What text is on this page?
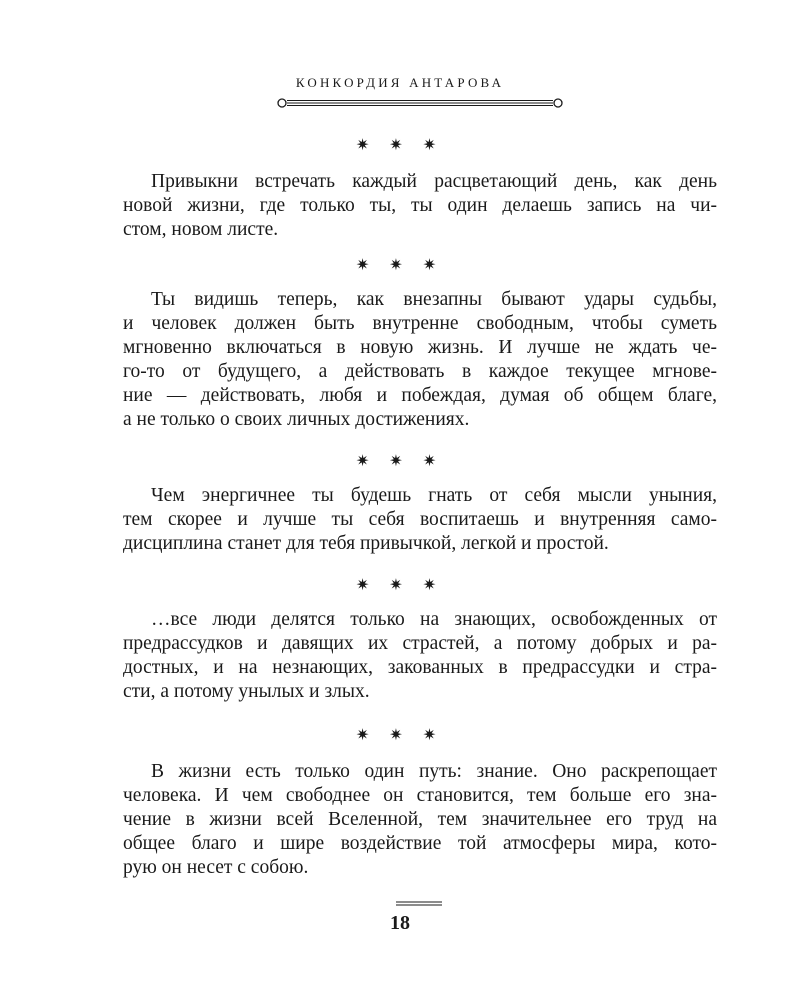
КОНКОРДИЯ АНТАРОВА
✷ ✷ ✷

Привыкни встречать каждый расцветающий день, как день
новой жизни, где только ты, ты один делаешь запись на чи-
стом, новом листе.

✷ ✷ ✷

Ты видишь теперь, как внезапны бывают удары судьбы,
и человек должен быть внутренне свободным, чтобы суметь
мгновенно включаться в новую жизнь. И лучше не ждать че-
го-то от будущего, а действовать в каждое текущее мгнове-
ние — действовать, любя и побеждая, думая об общем благе,
а не только о своих личных достижениях.

✷ ✷ ✷

Чем энергичнее ты будешь гнать от себя мысли уныния,
тем скорее и лучше ты себя воспитаешь и внутренняя само-
дисциплина станет для тебя привычкой, легкой и простой.

✷ ✷ ✷

…все люди делятся только на знающих, освобожденных от
предрассудков и давящих их страстей, а потому добрых и ра-
достных, и на незнающих, закованных в предрассудки и стра-
сти, а потому унылых и злых.

✷ ✷ ✷

В жизни есть только один путь: знание. Оно раскрепощает
человека. И чем свободнее он становится, тем больше его зна-
чение в жизни всей Вселенной, тем значительнее его труд на
общее благо и шире воздействие той атмосферы мира, кото-
рую он несет с собою.

18
